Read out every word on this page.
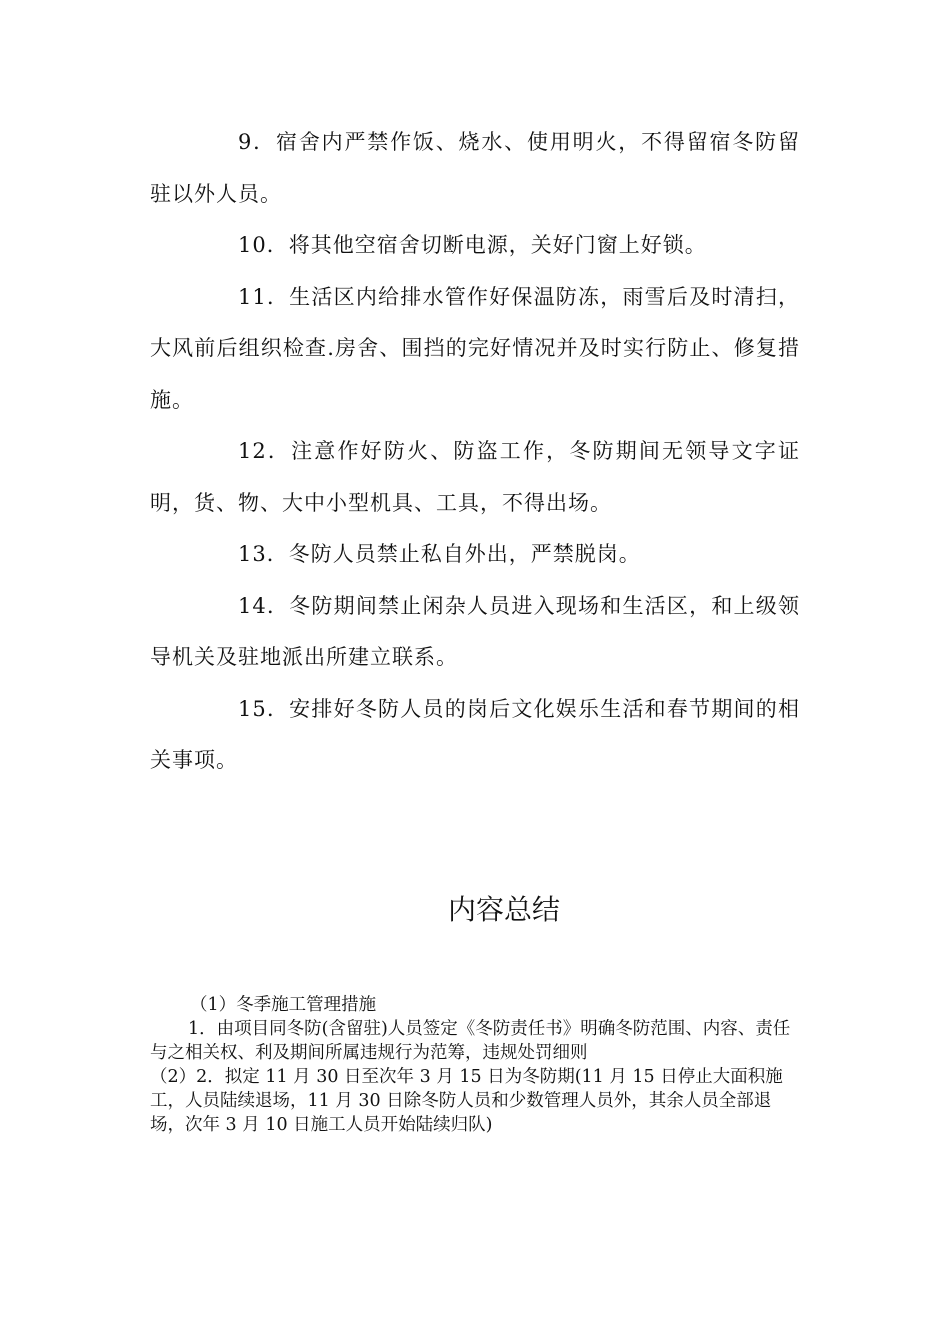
9．宿舍内严禁作饭、烧水、使用明火，不得留宿冬防留驻以外人员。

10．将其他空宿舍切断电源，关好门窗上好锁。

11．生活区内给排水管作好保温防冻，雨雪后及时清扫，大风前后组织检查.房舍、围挡的完好情况并及时实行防止、修复措施。

12．注意作好防火、防盗工作，冬防期间无领导文字证明，货、物、大中小型机具、工具，不得出场。

13．冬防人员禁止私自外出，严禁脱岗。

14．冬防期间禁止闲杂人员进入现场和生活区，和上级领导机关及驻地派出所建立联系。

15．安排好冬防人员的岗后文化娱乐生活和春节期间的相关事项。

内容总结

（1）冬季施工管理措施

1．由项目同冬防(含留驻)人员签定《冬防责任书》明确冬防范围、内容、责任与之相关权、利及期间所属违规行为范筹，违规处罚细则

（2）2．拟定 11 月 30 日至次年 3 月 15 日为冬防期(11 月 15 日停止大面积施工，人员陆续退场，11 月 30 日除冬防人员和少数管理人员外，其余人员全部退场，次年 3 月 10 日施工人员开始陆续归队)
